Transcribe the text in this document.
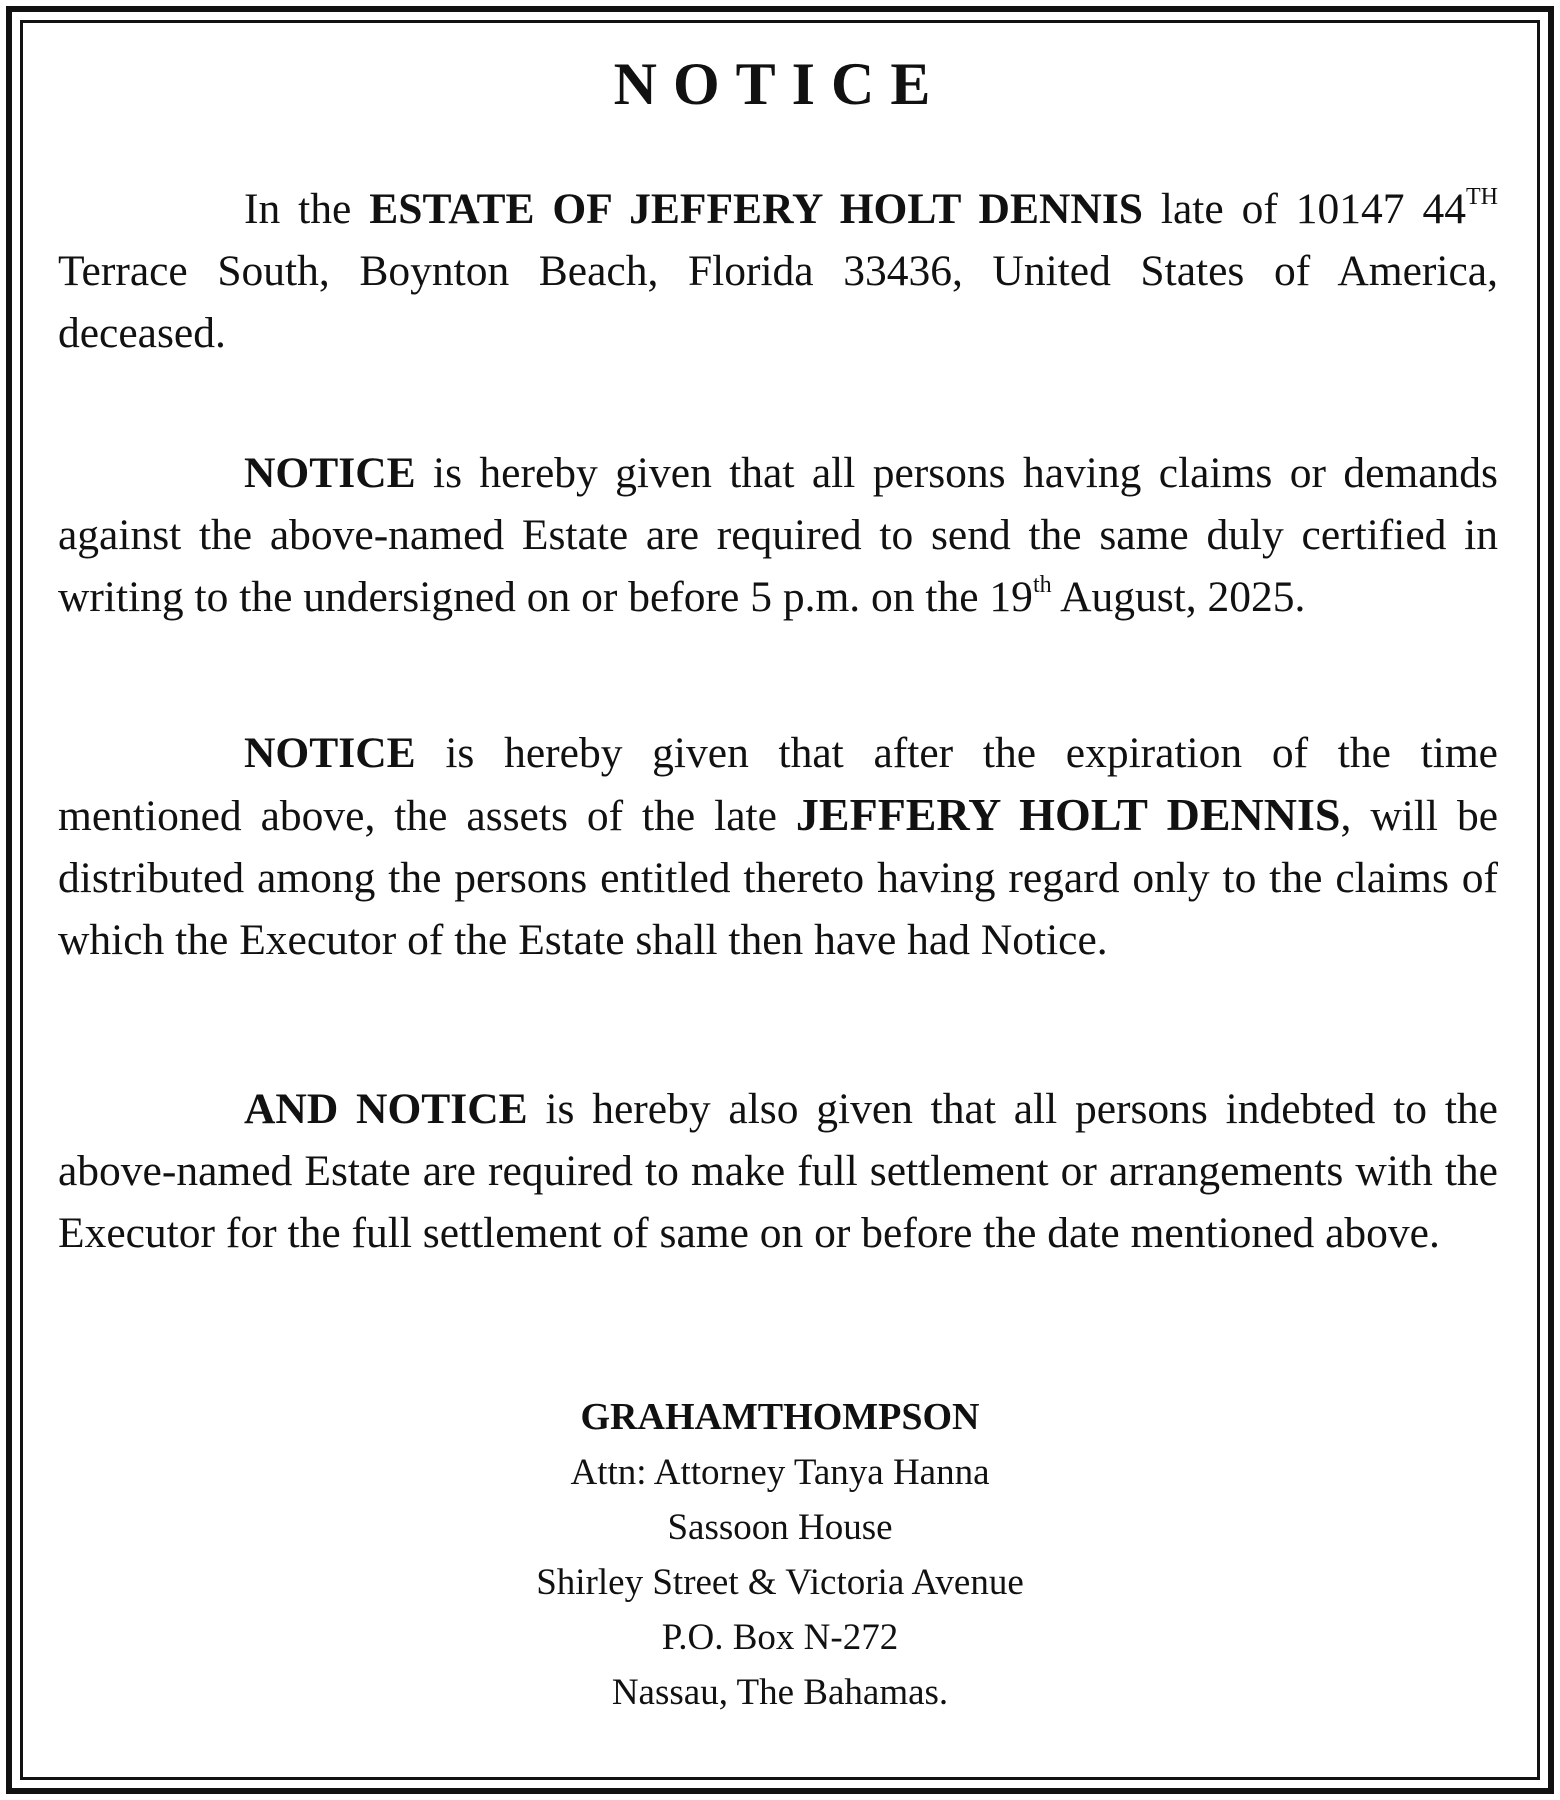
NOTICE
In the ESTATE OF JEFFERY HOLT DENNIS late of 10147 44TH Terrace South, Boynton Beach, Florida 33436, United States of America, deceased.
NOTICE is hereby given that all persons having claims or demands against the above-named Estate are required to send the same duly certified in writing to the undersigned on or before 5 p.m. on the 19th August, 2025.
NOTICE is hereby given that after the expiration of the time mentioned above, the assets of the late JEFFERY HOLT DENNIS, will be distributed among the persons entitled thereto having regard only to the claims of which the Executor of the Estate shall then have had Notice.
AND NOTICE is hereby also given that all persons indebted to the above-named Estate are required to make full settlement or arrangements with the Executor for the full settlement of same on or before the date mentioned above.
GRAHAMTHOMPSON
Attn: Attorney Tanya Hanna
Sassoon House
Shirley Street & Victoria Avenue
P.O. Box N-272
Nassau, The Bahamas.
